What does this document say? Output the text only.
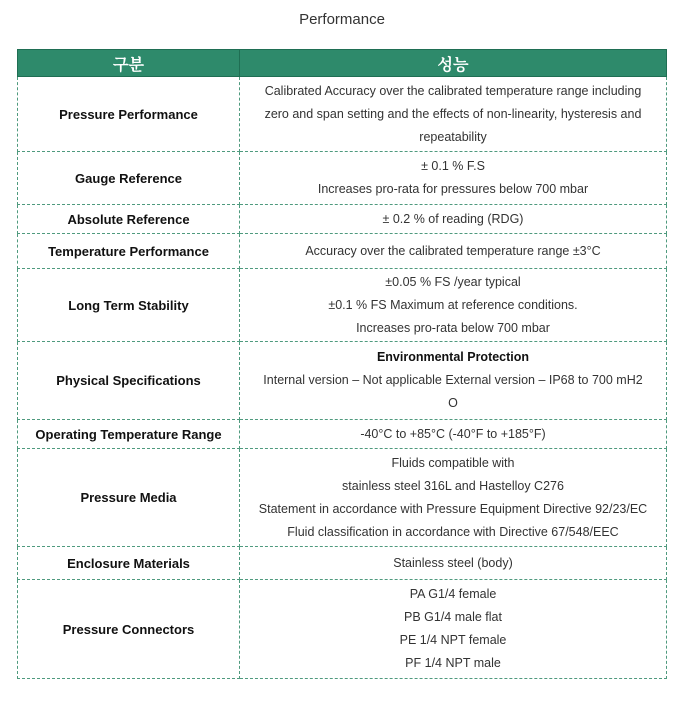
Performance
구분	성능
Pressure Performance	Calibrated Accuracy over the calibrated temperature range including
zero and span setting and the effects of non-linearity, hysteresis and
repeatability

Gauge Reference	± 0.1 % F.S
Increases pro-rata for pressures below 700 mbar

Absolute Reference	± 0.2 % of reading (RDG)

Temperature Performance	Accuracy over the calibrated temperature range ±3°C

Long Term Stability	±0.05 % FS /year typical
±0.1 % FS Maximum at reference conditions.
Increases pro-rata below 700 mbar

Physical Specifications	Environmental Protection
Internal version – Not applicable External version – IP68 to 700 mH2
O

Operating Temperature Range	-40°C to +85°C (-40°F to +185°F)

Pressure Media	Fluids compatible with
stainless steel 316L and Hastelloy C276
Statement in accordance with Pressure Equipment Directive 92/23/EC
Fluid classification in accordance with Directive 67/548/EEC

Enclosure Materials	Stainless steel (body)

Pressure Connectors	PA G1/4 female
PB G1/4 male flat
PE 1/4 NPT female
PF 1/4 NPT male
